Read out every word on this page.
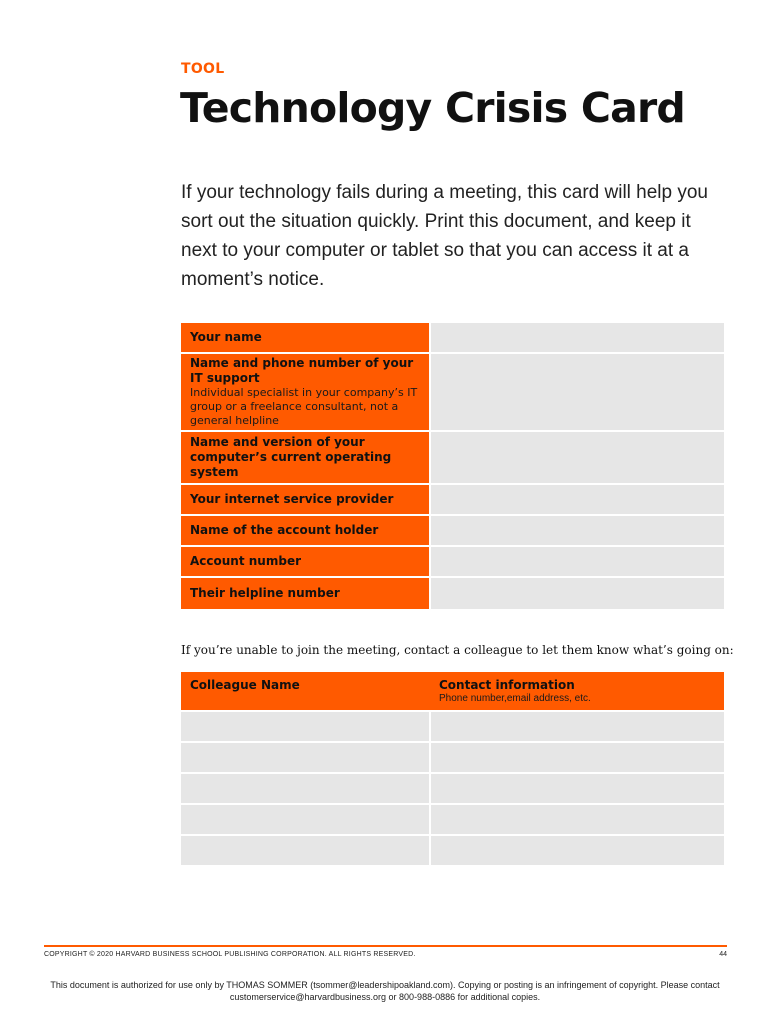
TOOL
Technology Crisis Card

If your technology fails during a meeting, this card will help you sort out the situation quickly. Print this document, and keep it next to your computer or tablet so that you can access it at a moment’s notice.

Your name
Name and phone number of your IT support
Individual specialist in your company’s IT group or a freelance consultant, not a general helpline
Name and version of your computer’s current operating system
Your internet service provider
Name of the account holder
Account number
Their helpline number

If you’re unable to join the meeting, contact a colleague to let them know what’s going on:

Colleague Name	Contact information
Phone number,email address, etc.
COPYRIGHT © 2020 HARVARD BUSINESS SCHOOL PUBLISHING CORPORATION. ALL RIGHTS RESERVED.	44
This document is authorized for use only by THOMAS SOMMER (tsommer@leadershipoakland.com). Copying or posting is an infringement of copyright. Please contact customerservice@harvardbusiness.org or 800-988-0886 for additional copies.
